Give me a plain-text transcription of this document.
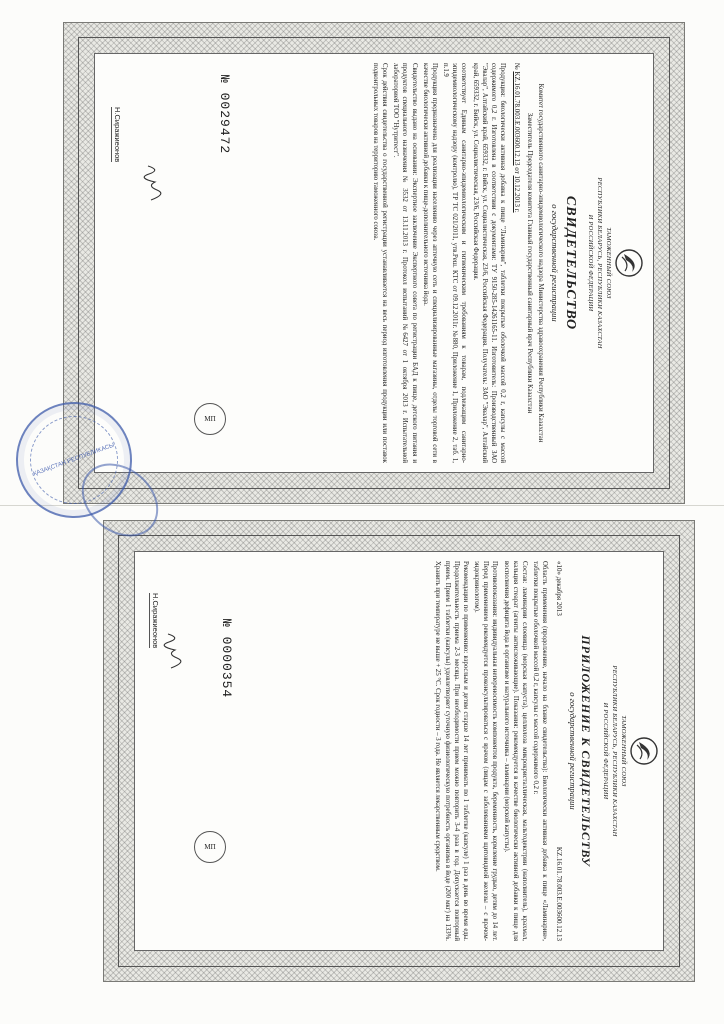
ТАМОЖЕННЫЙ СОЮЗ
РЕСПУБЛИКИ БЕЛАРУСЬ, РЕСПУБЛИКИ КАЗАХСТАН
И РОССИЙСКОЙ ФЕДЕРАЦИИ
СВИДЕТЕЛЬСТВО
о государственной регистрации
Комитет государственного санитарно-эпидемиологического надзора Министерства здравоохранения Республики Казахстан
Заместитель Председателя комитета Главный государственный санитарный врач Республики Казахстан
№ KZ.16.01.78.003.Е.003600.12.13 от 10.12.2013 г.
Продукция: биологически активная добавка к пище "Ламинарин", таблетки покрытые оболочкой массой 0,2 г, капсулы с массой содержимого 0,2 г. Изготовлена в соответствии с документами: ТУ 9150-285-14261165-11. Изготовитель: Производственный ЗАО "Эвалар", Алтайский край, 659332, г. Бийск, ул. Социалистическая, 23/6, Российская Федерация. Получатель: ЗАО "Эвалар", Алтайский край, 659332, г. Бийск, ул. Социалистическая, 23/6, Российская Федерация.
соответствует Единым санитарно-эпидемиологическим и гигиеническим требованиям к товарам, подлежащим санитарно-эпидемиологическому надзору (контролю), ТР ТС 021/2011, утв.Реш. КТС от 09.12.2011г. №880, Приложение 1, Приложение 2, таб. 1, п.1.9
Продукция предназначена для реализации населению через аптечную сеть и специализированные магазины, отделы торговой сети в качестве биологически активной добавки к пище-дополнительного источника йода.
Свидетельство выдано на основании: Экспертное заключение Экспертного совета по регистрации БАД к пище, детского питания и продуктов специального назначения № 3532 от 13.11.2013 г. Протокол испытаний №6427 от 1 октября 2013 г. Испытательной лабораторией ТОО "Нутритест".
Срок действия свидетельства о государственной регистрации устанавливается на весь период изготовления продукции или поставок подконтрольных товаров на территорию таможенного союза.
№ 0029472
Н.Сиражиеонов
МП
ТАМОЖЕННЫЙ СОЮЗ
РЕСПУБЛИКИ БЕЛАРУСЬ, РЕСПУБЛИКИ КАЗАХСТАН
И РОССИЙСКОЙ ФЕДЕРАЦИИ
ПРИЛОЖЕНИЕ К СВИДЕТЕЛЬСТВУ
о государственной регистрации
«10» декабря 2013
KZ.16.01.78.003.Е.003600.12.13
Область применения (продолжение, начало на бланке свидетельства): Биологически активная добавка к пище «Ламинарин», таблетки покрытые оболочкой массой 0,2 г, капсулы с массой содержимого 0,2 г.
Состав: ламинарии слоевища (морская капуста), целлюлоза микрокристаллическая, мальтодекстрин (наполнитель), крахмал, кальция стеарат (агенты антислеживающие). Показания: рекомендуется в качестве биологически активной добавки к пище для восполнения дефицита йода в организме и натурального источника – ламинарии (морской капусты).
Противопоказания: индивидуальная непереносимость компонентов продукта, беременность, кормление грудью, детям до 14 лет. Перед применением рекомендуется проконсультироваться с врачом (лицам с заболеваниями щитовидной железы – с врачом-эндокринологом).
Рекомендации по применению: взрослым и детям старше 14 лет принимать по 1 таблетке (капсуле) 1 раз в день во время еды. Продолжительность приема 2-3 месяца. При необходимости прием можно повторить 3-4 раза в год. Допускается повторный прием. Прием 1 таблетки (капсулы) удовлетворяет суточную физиологическую потребность организма в йоде (200 мкг) на 133%. Хранить при температуре не выше + 25 °С. Срок годности – 3 года. Не является лекарственным средством.
№ 0000354
Н.Сиражиеонов
МП
ҚАЗАҚСТАН РЕСПУБЛИКАСЫ
